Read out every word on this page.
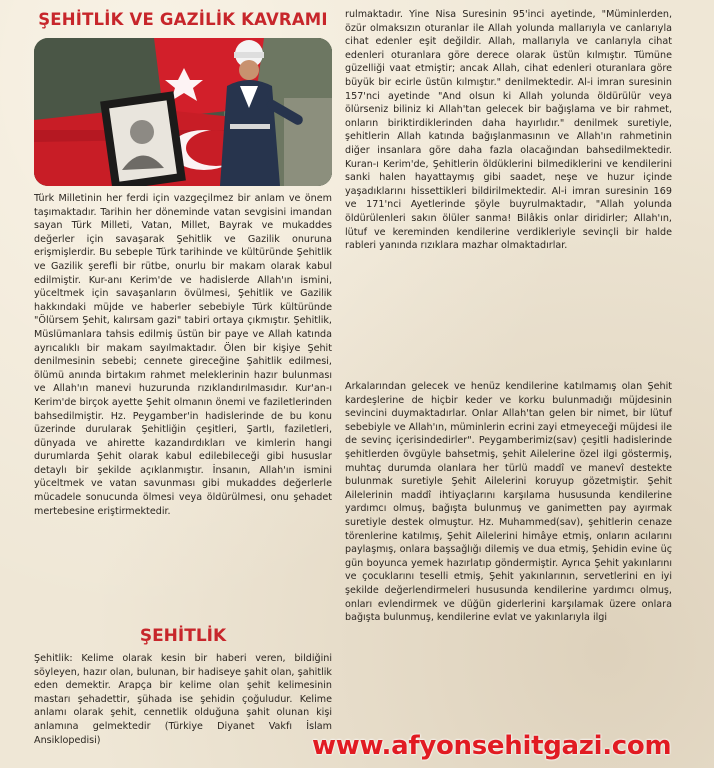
ŞEHİTLİK VE GAZİLİK KAVRAMI

Türk Milletinin her ferdi için vazgeçilmez bir anlam ve önem taşımaktadır. Tarihin her döneminde vatan sevgisini imandan sayan Türk Milleti, Vatan, Millet, Bayrak ve mukaddes değerler için savaşarak Şehitlik ve Gazilik onuruna erişmişlerdir. Bu sebeple Türk tarihinde ve kültüründe Şehitlik ve Gazilik şerefli bir rütbe, onurlu bir makam olarak kabul edilmiştir. Kur-anı Kerim'de ve hadislerde Allah'ın ismini, yüceltmek için savaşanların övülmesi, Şehitlik ve Gazilik hakkındaki müjde ve haberler sebebiyle Türk kültüründe "Ölürsem Şehit, kalırsam gazi" tabiri ortaya çıkmıştır. Şehitlik, Müslümanlara tahsis edilmiş üstün bir paye ve Allah katında ayrıcalıklı bir makam sayılmaktadır. Ölen bir kişiye Şehit denilmesinin sebebi; cennete gireceğine Şahitlik edilmesi, ölümü anında birtakım rahmet meleklerinin hazır bulunması ve Allah'ın manevi huzurunda rızıklandırılmasıdır. Kur'an-ı Kerim'de birçok ayette Şehit olmanın önemi ve faziletlerinden bahsedilmiştir. Hz. Peygamber'in hadislerinde de bu konu üzerinde durularak Şehitliğin çeşitleri, Şartlı, faziletleri, dünyada ve ahirette kazandırdıkları ve kimlerin hangi durumlarda Şehit olarak kabul edilebileceği gibi hususlar detaylı bir şekilde açıklanmıştır. İnsanın, Allah'ın ismini yüceltmek ve vatan savunması gibi mukaddes değerlerle mücadele sonucunda ölmesi veya öldürülmesi, onu şehadet mertebesine eriştirmektedir.

ŞEHİTLİK

Şehitlik: Kelime olarak kesin bir haberi veren, bildiğini söyleyen, hazır olan, bulunan, bir hadiseye şahit olan, şahitlik eden demektir. Arapça bir kelime olan şehit kelimesinin mastarı şehadettir, şühada ise şehidin çoğuludur. Kelime anlamı olarak şehit, cennetlik olduğuna şahit olunan kişi anlamına gelmektedir (Türkiye Diyanet Vakfı İslam Ansiklopedisi)

rulmaktadır. Yine Nisa Suresinin 95'inci ayetinde, "Müminlerden, özür olmaksızın oturanlar ile Allah yolunda mallarıyla ve canlarıyla cihat edenler eşit değildir. Allah, mallarıyla ve canlarıyla cihat edenleri oturanlara göre derece olarak üstün kılmıştır. Tümüne güzelliği vaat etmiştir; ancak Allah, cihat edenleri oturanlara göre büyük bir ecirle üstün kılmıştır." denilmektedir. Al-i imran suresinin 157'nci ayetinde "And olsun ki Allah yolunda öldürülür veya ölürseniz biliniz ki Allah'tan gelecek bir bağışlama ve bir rahmet, onların biriktirdiklerinden daha hayırlıdır." denilmek suretiyle, şehitlerin Allah katında bağışlanmasının ve Allah'ın rahmetinin diğer insanlara göre daha fazla olacağından bahsedilmektedir. Kuran-ı Kerim'de, Şehitlerin öldüklerini bilmediklerini ve kendilerini sanki halen hayattaymış gibi saadet, neşe ve huzur içinde yaşadıklarını hissettikleri bildirilmektedir. Al-i imran suresinin 169 ve 171'nci Ayetlerinde şöyle buyrulmaktadır, "Allah yolunda öldürülenleri sakın ölüler sanma! Bilâkis onlar diridirler; Allah'ın, lütuf ve kereminden kendilerine verdikleriyle sevinçli bir halde rableri yanında rızıklara mazhar olmaktadırlar.

Arkalarından gelecek ve henüz kendilerine katılmamış olan Şehit kardeşlerine de hiçbir keder ve korku bulunmadığı müjdesinin sevincini duymaktadırlar. Onlar Allah'tan gelen bir nimet, bir lütuf sebebiyle ve Allah'ın, müminlerin ecrini zayi etmeyeceği müjdesi ile de sevinç içerisindedirler". Peygamberimiz(sav) çeşitli hadislerinde şehitlerden övgüyle bahsetmiş, şehit Ailelerine özel ilgi göstermiş, muhtaç durumda olanlara her türlü maddî ve manevî destekte bulunmak suretiyle Şehit Ailelerini koruyup gözetmiştir. Şehit Ailelerinin maddî ihtiyaçlarını karşılama hususunda kendilerine yardımcı olmuş, bağışta bulunmuş ve ganimetten pay ayırmak suretiyle destek olmuştur. Hz. Muhammed(sav), şehitlerin cenaze törenlerine katılmış, Şehit Ailelerini himâye etmiş, onların acılarını paylaşmış, onlara başsağlığı dilemiş ve dua etmiş, Şehidin evine üç gün boyunca yemek hazırlatıp göndermiştir. Ayrıca Şehit yakınlarını ve çocuklarını teselli etmiş, Şehit yakınlarının, servetlerini en iyi şekilde değerlendirmeleri hususunda kendilerine yardımcı olmuş, onları evlendirmek ve düğün giderlerini karşılamak üzere onlara bağışta bulunmuş, kendilerine evlat ve yakınlarıyla ilgi

www.afyonsehitgazi.com
